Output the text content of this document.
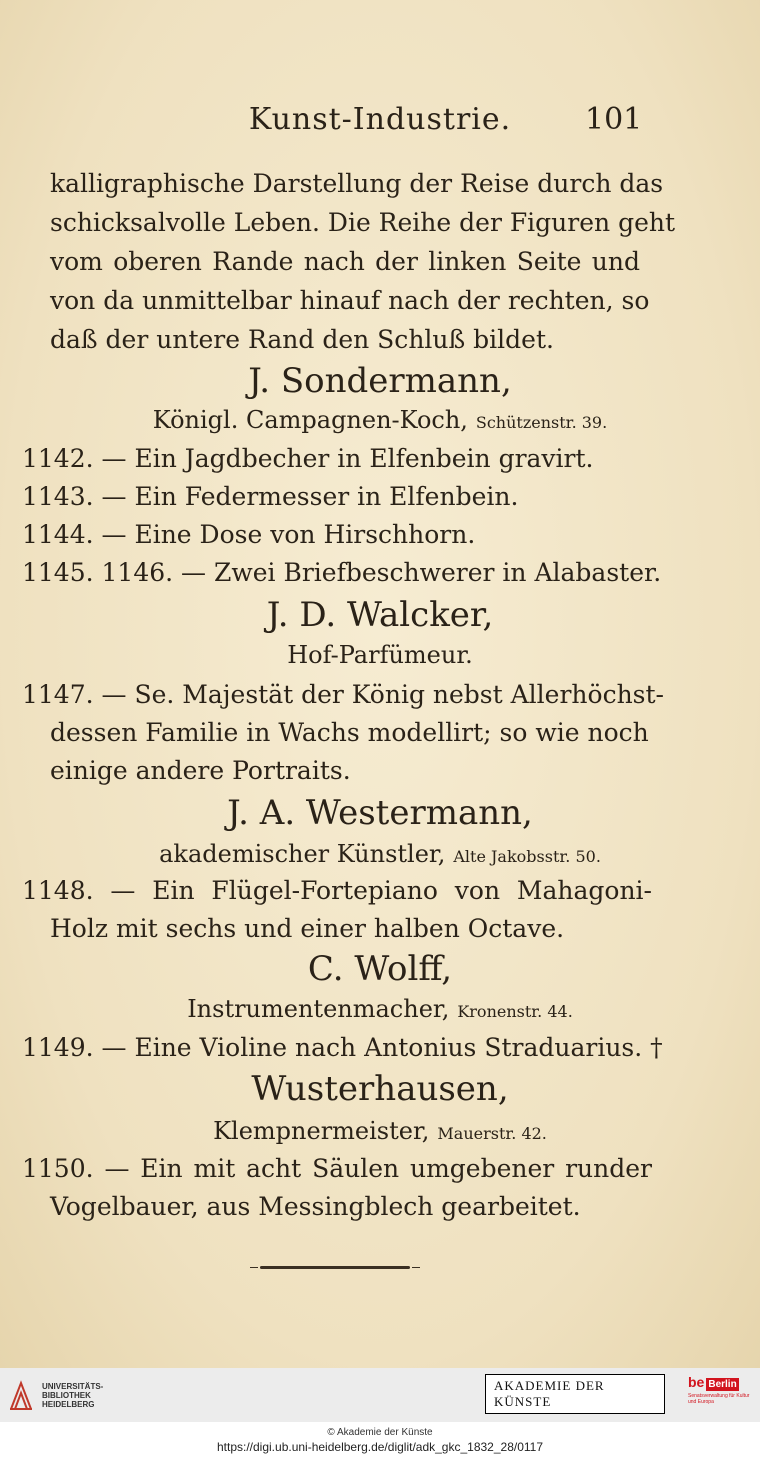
Kunst-Industrie.	101
kalligraphische Darstellung der Reise durch das
schicksalvolle Leben. Die Reihe der Figuren geht
vom oberen Rande nach der linken Seite und
von da unmittelbar hinauf nach der rechten, so
daß der untere Rand den Schluß bildet.
J. Sondermann,
Königl. Campagnen-Koch, Schützenstr. 39.
1142. — Ein Jagdbecher in Elfenbein gravirt.
1143. — Ein Federmesser in Elfenbein.
1144. — Eine Dose von Hirschhorn.
1145. 1146. — Zwei Briefbeschwerer in Alabaster.
J. D. Walcker,
Hof-Parfümeur.
1147. — Se. Majestät der König nebst Allerhöchst-
dessen Familie in Wachs modellirt; so wie noch
einige andere Portraits.
J. A. Westermann,
akademischer Künstler, Alte Jakobsstr. 50.
1148. — Ein Flügel-Fortepiano von Mahagoni-
Holz mit sechs und einer halben Octave.
C. Wolff,
Instrumentenmacher, Kronenstr. 44.
1149. — Eine Violine nach Antonius Straduarius. †
Wusterhausen,
Klempnermeister, Mauerstr. 42.
1150. — Ein mit acht Säulen umgebener runder
Vogelbauer, aus Messingblech gearbeitet.
UNIVERSITÄTS-
BIBLIOTHEK
HEIDELBERG
AKADEMIE DER KÜNSTE
be Berlin
Senatsverwaltung für Kultur und Europa
© Akademie der Künste
https://digi.ub.uni-heidelberg.de/diglit/adk_gkc_1832_28/0117
